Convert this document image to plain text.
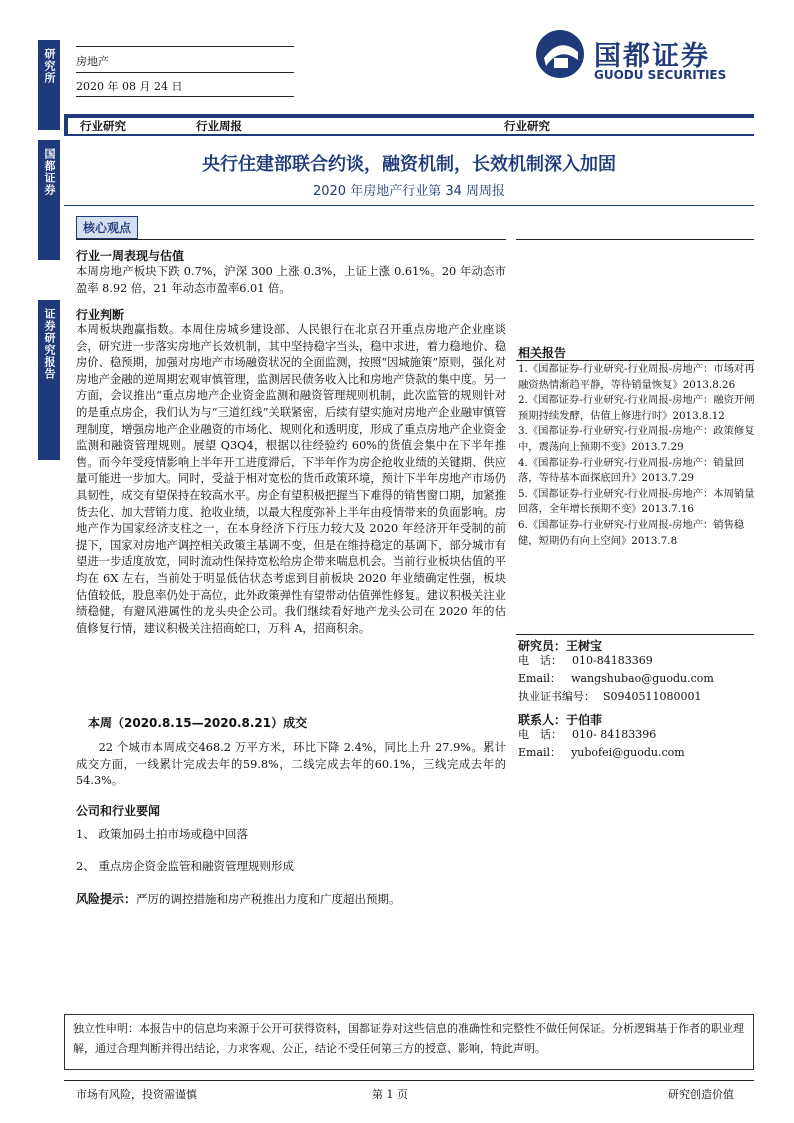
研究所
国都证券
证券研究报告
房地产
2020 年 08 月 24 日
国都证券
GUODU SECURITIES
行业研究	行业周报	行业研究
央行住建部联合约谈，融资机制，长效机制深入加固
2020 年房地产行业第 34 周周报
核心观点
行业一周表现与估值
本周房地产板块下跌 0.7%，沪深 300 上涨 0.3%，上证上涨 0.61%。20 年动态市盈率 8.92 倍，21 年动态市盈率6.01 倍。
行业判断
本周板块跑赢指数。本周住房城乡建设部、人民银行在北京召开重点房地产企业座谈会，研究进一步落实房地产长效机制，其中坚持稳字当头，稳中求进，着力稳地价、稳房价、稳预期，加强对房地产市场融资状况的全面监测，按照“因城施策”原则，强化对房地产金融的逆周期宏观审慎管理，监测居民债务收入比和房地产贷款的集中度。另一方面，会议推出“重点房地产企业资金监测和融资管理规则机制，此次监管的规则针对的是重点房企，我们认为与“三道红线”关联紧密，后续有望实施对房地产企业融审慎管理制度，增强房地产企业融资的市场化、规则化和透明度，形成了重点房地产企业资金监测和融资管理规则。展望 Q3Q4，根据以往经验约 60%的货值会集中在下半年推售。而今年受疫情影响上半年开工进度滞后，下半年作为房企抢收业绩的关键期、供应量可能进一步加大。同时，受益于相对宽松的货币政策环境，预计下半年房地产市场仍具韧性，成交有望保持在较高水平。房企有望积极把握当下难得的销售窗口期，加紧推货去化、加大营销力度、抢收业绩，以最大程度弥补上半年由疫情带来的负面影响。房地产作为国家经济支柱之一，在本身经济下行压力较大及 2020 年经济开年受制的前提下，国家对房地产调控相关政策主基调不变，但是在维持稳定的基调下，部分城市有望进一步适度放宽，同时流动性保持宽松给房企带来喘息机会。当前行业板块估值的平均在 6X 左右，当前处于明显低估状态考虑到目前板块 2020 年业绩确定性强，板块估值较低，股息率仍处于高位，此外政策弹性有望带动估值弹性修复。建议积极关注业绩稳健，有避风港属性的龙头央企公司。我们继续看好地产龙头公司在 2020 年的估值修复行情，建议积极关注招商蛇口，万科 A，招商积余。
本周（2020.8.15—2020.8.21）成交
22 个城市本周成交468.2 万平方米，环比下降 2.4%，同比上升 27.9%。累计成交方面，一线累计完成去年的59.8%，二线完成去年的60.1%，三线完成去年的 54.3%。
公司和行业要闻
1、 政策加码土拍市场或稳中回落
2、 重点房企资金监管和融资管理规则形成
风险提示：严厉的调控措施和房产税推出力度和广度超出预期。
相关报告
1.《国都证券-行业研究-行业周报-房地产：市场对再融资热情渐趋平静，等待销量恢复》2013.8.26
2.《国都证券-行业研究-行业周报-房地产：融资开闸预期持续发酵，估值上修进行时》2013.8.12
3.《国都证券-行业研究-行业周报-房地产：政策修复中，震荡向上预期不变》2013.7.29
4.《国都证券-行业研究-行业周报-房地产：销量回落，等待基本面探底回升》2013.7.29
5.《国都证券-行业研究-行业周报-房地产：本周销量回落，全年增长预期不变》2013.7.16
6.《国都证券-行业研究-行业周报-房地产：销售稳健，短期仍有向上空间》2013.7.8
研究员：王树宝
电　话： 010-84183369
Email： wangshubao@guodu.com
执业证书编号： S0940511080001
联系人：于伯菲
电　话： 010- 84183396
Email： yubofei@guodu.com
独立性申明：本报告中的信息均来源于公开可获得资料，国都证券对这些信息的准确性和完整性不做任何保证。分析逻辑基于作者的职业理解，通过合理判断并得出结论，力求客观、公正，结论不受任何第三方的授意、影响，特此声明。
市场有风险，投资需谨慎	第 1 页	研究创造价值
